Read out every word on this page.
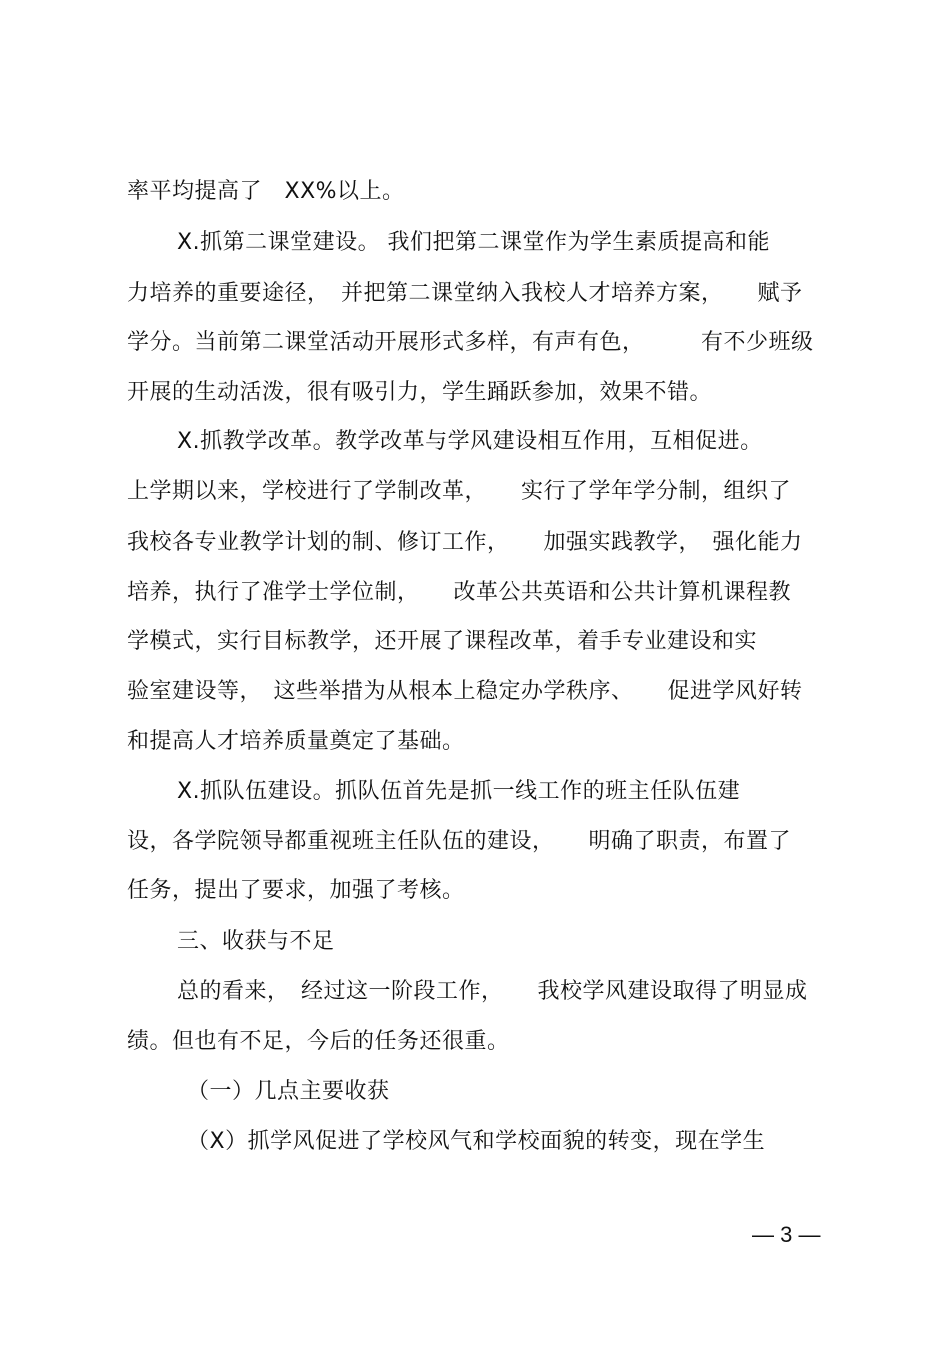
率平均提高了　XX%以上。
X.抓第二课堂建设。 我们把第二课堂作为学生素质提高和能
力培养的重要途径，　并把第二课堂纳入我校人才培养方案，　　赋予
学分。当前第二课堂活动开展形式多样，有声有色，　　　有不少班级
开展的生动活泼，很有吸引力，学生踊跃参加，效果不错。
X.抓教学改革。教学改革与学风建设相互作用，互相促进。
上学期以来，学校进行了学制改革，　　实行了学年学分制，组织了
我校各专业教学计划的制、修订工作，　　加强实践教学，　强化能力
培养，执行了准学士学位制，　　改革公共英语和公共计算机课程教
学模式，实行目标教学，还开展了课程改革，着手专业建设和实
验室建设等，　这些举措为从根本上稳定办学秩序、　　促进学风好转
和提高人才培养质量奠定了基础。
X.抓队伍建设。抓队伍首先是抓一线工作的班主任队伍建
设，各学院领导都重视班主任队伍的建设，　　明确了职责，布置了
任务，提出了要求，加强了考核。
三、收获与不足
总的看来，　经过这一阶段工作，　　我校学风建设取得了明显成
绩。但也有不足，今后的任务还很重。
（一）几点主要收获
（X）抓学风促进了学校风气和学校面貌的转变，现在学生
— 3 —
